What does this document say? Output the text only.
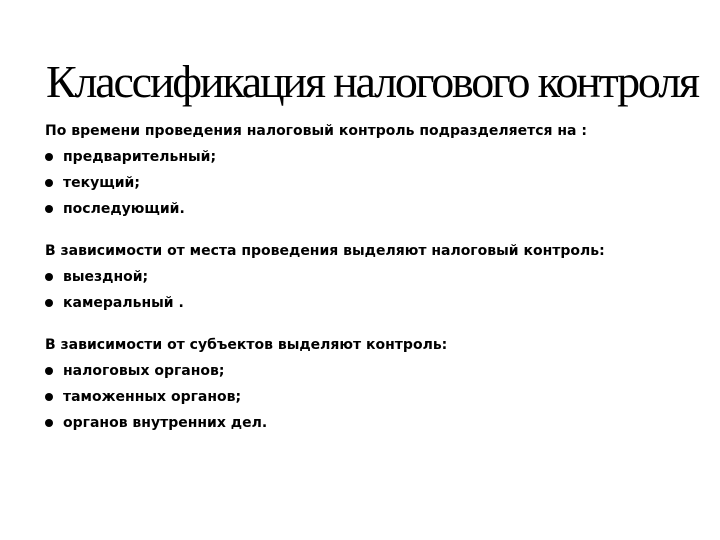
Классификация налогового контроля

По времени проведения налоговый контроль подразделяется на :

предварительный;
текущий;
последующий.

В зависимости от места проведения выделяют налоговый контроль:

выездной;
камеральный .

В зависимости от субъектов выделяют контроль:

налоговых органов;
таможенных органов;
органов внутренних дел.
